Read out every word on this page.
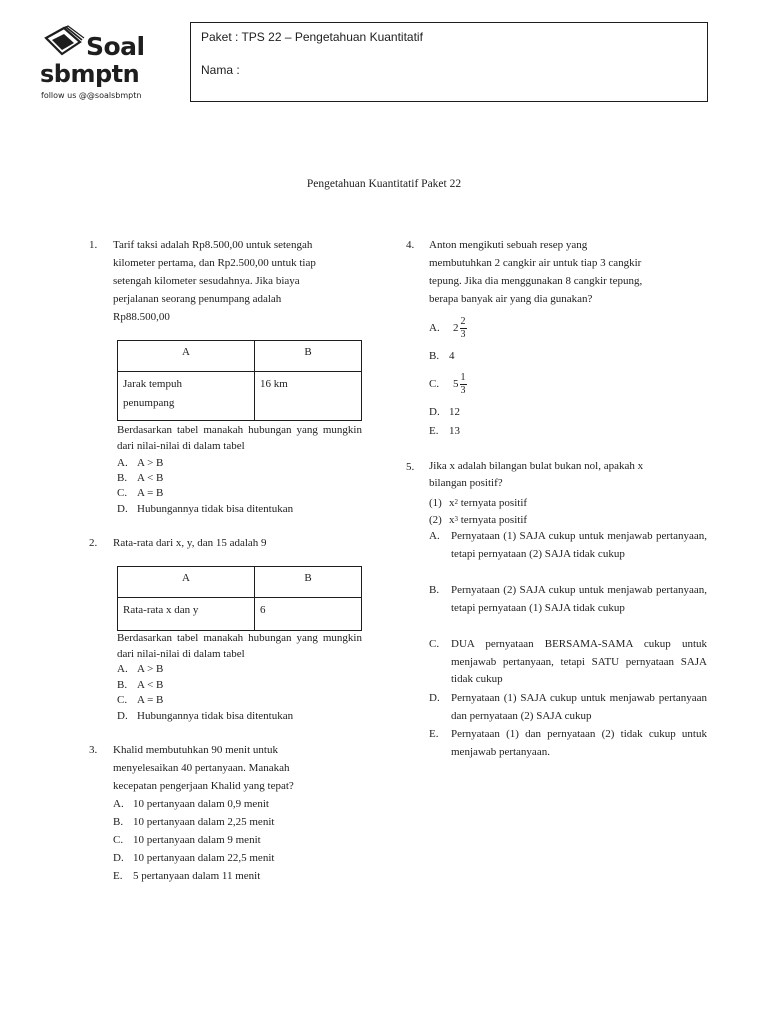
Soal
sbmptn
follow us @@soalsbmptn
Paket : TPS 22 – Pengetahuan Kuantitatif
Nama :
Pengetahuan Kuantitatif Paket 22
1. Tarif taksi adalah Rp8.500,00 untuk setengah
kilometer pertama, dan Rp2.500,00 untuk tiap
setengah kilometer sesudahnya. Jika biaya
perjalanan seorang penumpang adalah
Rp88.500,00
A	B

Jarak tempuh
penumpang	16 km
Berdasarkan tabel manakah hubungan yang mungkin dari nilai-nilai di dalam tabel
A. A > B
B. A < B
C. A = B
D. Hubungannya tidak bisa ditentukan
2. Rata-rata dari x, y, dan 15 adalah 9
A	B
Rata-rata x dan y	6
Berdasarkan tabel manakah hubungan yang mungkin dari nilai-nilai di dalam tabel
A. A > B
B. A < B
C. A = B
D. Hubungannya tidak bisa ditentukan
3. Khalid membutuhkan 90 menit untuk
menyelesaikan 40 pertanyaan. Manakah
kecepatan pengerjaan Khalid yang tepat?
A. 10 pertanyaan dalam 0,9 menit
B. 10 pertanyaan dalam 2,25 menit
C. 10 pertanyaan dalam 9 menit
D. 10 pertanyaan dalam 22,5 menit
E. 5 pertanyaan dalam 11 menit
4. Anton mengikuti sebuah resep yang
membutuhkan 2 cangkir air untuk tiap 3 cangkir
tepung. Jika dia menggunakan 8 cangkir tepung,
berapa banyak air yang dia gunakan?
A. $2 \frac{2}{3}$
B. 4
C. $5 \frac{1}{3}$
D. 12
E. 13
5. Jika x adalah bilangan bulat bukan nol, apakah x
bilangan positif?
(1) $x^2$ ternyata positif
(2) $x^3$ ternyata positif
A. Pernyataan (1) SAJA cukup untuk menjawab pertanyaan, tetapi pernyataan (2) SAJA tidak cukup
B. Pernyataan (2) SAJA cukup untuk menjawab pertanyaan, tetapi pernyataan (1) SAJA tidak cukup
C. DUA pernyataan BERSAMA-SAMA cukup untuk menjawab pertanyaan, tetapi SATU pernyataan SAJA tidak cukup
D. Pernyataan (1) SAJA cukup untuk menjawab pertanyaan dan pernyataan (2) SAJA cukup
E. Pernyataan (1) dan pernyataan (2) tidak cukup untuk menjawab pertanyaan.
